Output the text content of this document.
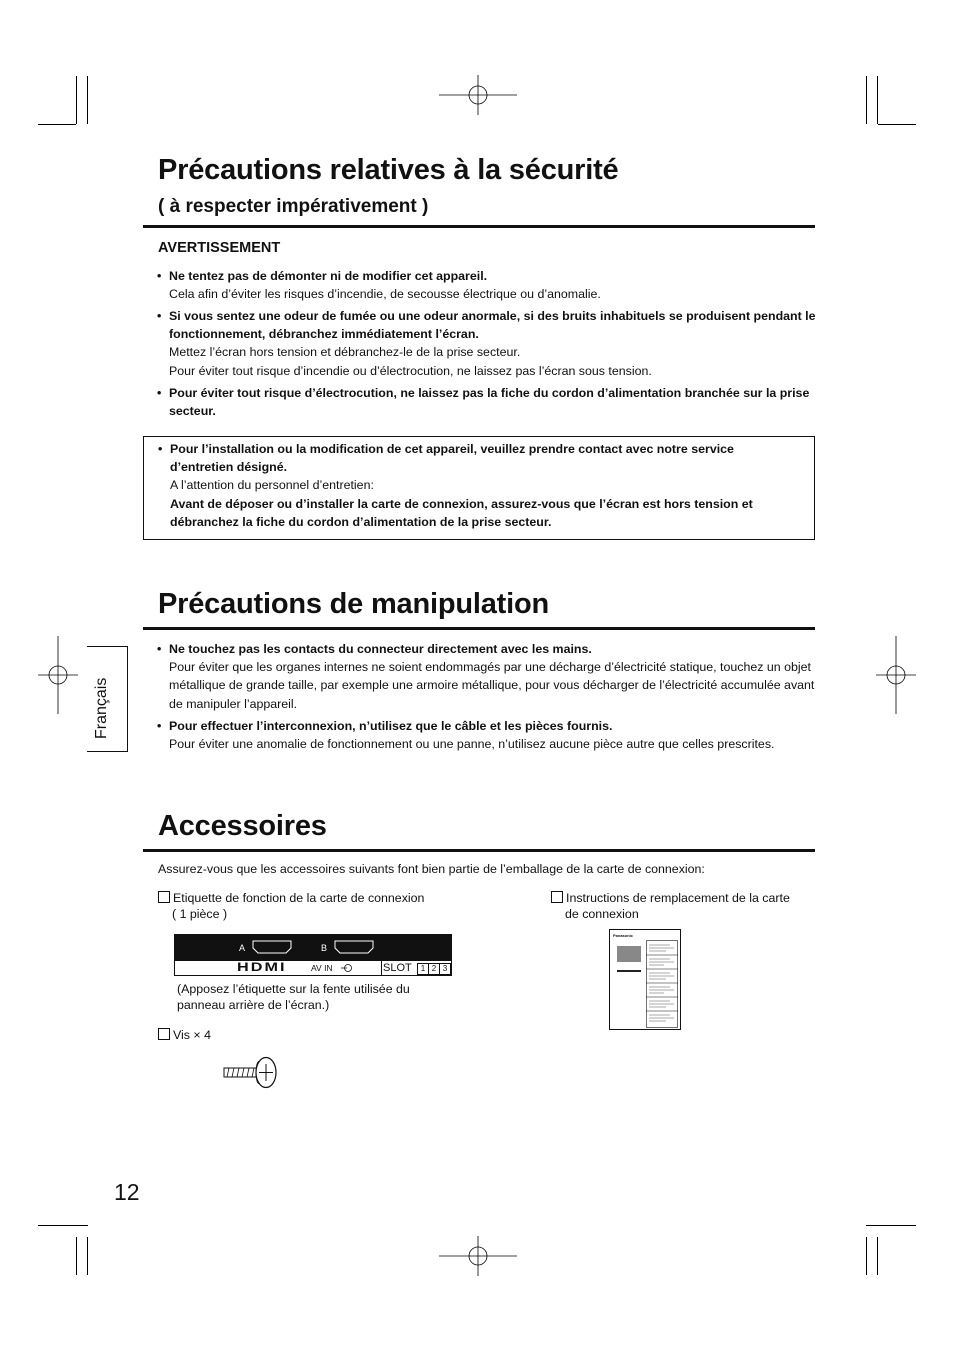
Précautions relatives à la sécurité
( à respecter impérativement )
AVERTISSEMENT

• Ne tentez pas de démonter ni de modifier cet appareil.

Cela afin d’éviter les risques d’incendie, de secousse électrique ou d’anomalie.

• Si vous sentez une odeur de fumée ou une odeur anormale, si des bruits inhabituels se produisent pendant le fonctionnement, débranchez immédiatement l’écran.

Mettez l’écran hors tension et débranchez-le de la prise secteur.

Pour éviter tout risque d’incendie ou d’électrocution, ne laissez pas l’écran sous tension.

• Pour éviter tout risque d’électrocution, ne laissez pas la fiche du cordon d’alimentation branchée sur la prise secteur.

• Pour l’installation ou la modification de cet appareil, veuillez prendre contact avec notre service d’entretien désigné.

A l’attention du personnel d’entretien:

Avant de déposer ou d’installer la carte de connexion, assurez-vous que l’écran est hors tension et débranchez la fiche du cordon d’alimentation de la prise secteur.

Précautions de manipulation

• Ne touchez pas les contacts du connecteur directement avec les mains.

Pour éviter que les organes internes ne soient endommagés par une décharge d’électricité statique, touchez un objet métallique de grande taille, par exemple une armoire métallique, pour vous décharger de l’électricité accumulée avant de manipuler l’appareil.

• Pour effectuer l’interconnexion, n’utilisez que le câble et les pièces fournis.

Pour éviter une anomalie de fonctionnement ou une panne, n’utilisez aucune pièce autre que celles prescrites.

Français
Accessoires
Assurez-vous que les accessoires suivants font bien partie de l’emballage de la carte de connexion:
Etiquette de fonction de la carte de connexion
( 1 pièce )
A	B
HDMI	AV IN	SLOT	1 2 3
(Apposez l’étiquette sur la fente utilisée du
panneau arrière de l’écran.)
Vis × 4
Instructions de remplacement de la carte
de connexion
Panasonic
12
